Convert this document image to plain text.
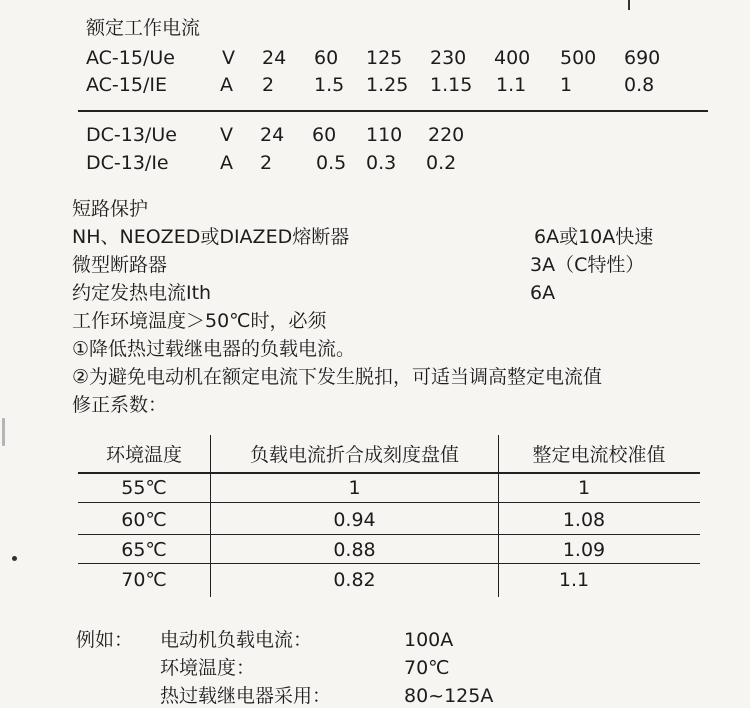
额定工作电流
AC-15/Ue V 24 60 125 230 400 500 690
AC-15/IE	A 2 1.5 1.25 1.15 1.1 1	0.8
DC-13/Ue V 24 60 110 220
DC-13/Ie	A 2 0.5 0.3 0.2
短路保护
NH、NEOZED或DIAZED熔断器	6A或10A快速
微型断路器	3A（C特性）
约定发热电流Ith	6A
工作环境温度＞50℃时，必须
①降低热过载继电器的负载电流。
②为避免电动机在额定电流下发生脱扣，可适当调高整定电流值
修正系数：
环境温度	负载电流折合成刻度盘值	整定电流校准值
55℃	1	1
60℃	0.94	1.08
65℃	0.88	1.09
70℃	0.82	1.1
例如： 电动机负载电流：	100A
环境温度：	70℃
热过载继电器采用：	80~125A
